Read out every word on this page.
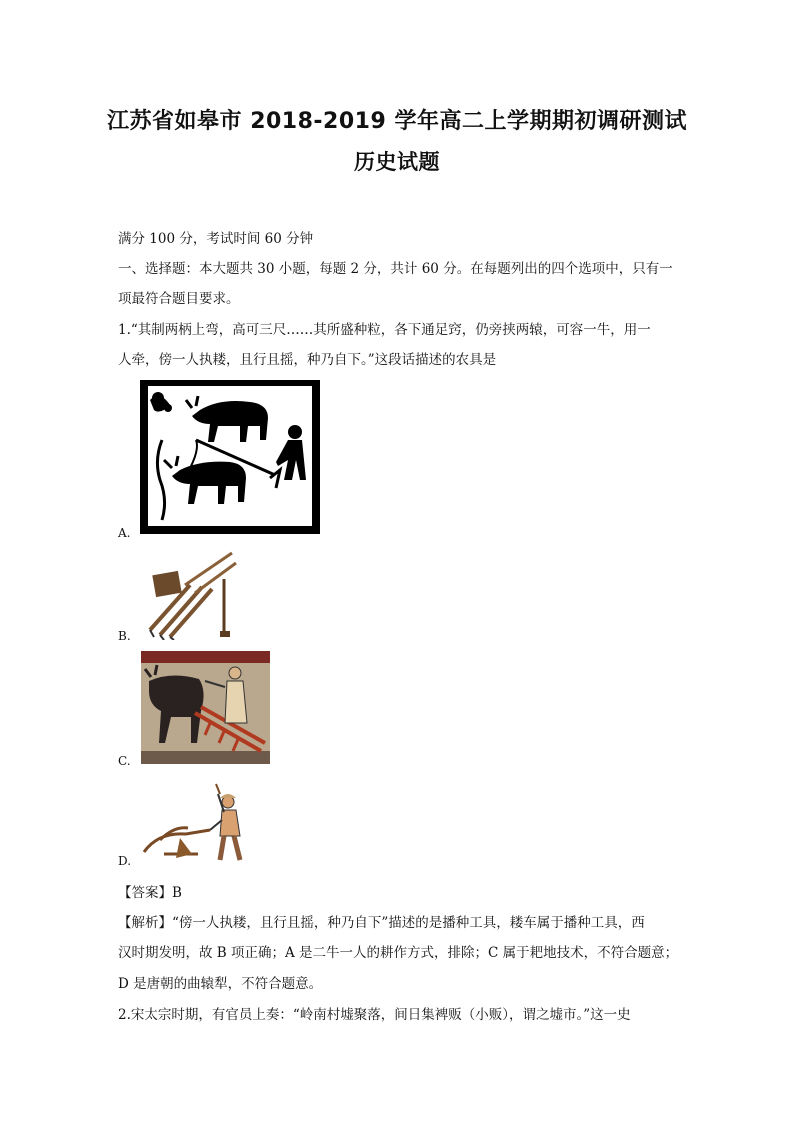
江苏省如皋市 2018-2019 学年高二上学期期初调研测试
历史试题
满分 100 分，考试时间 60 分钟
一、选择题：本大题共 30 小题，每题 2 分，共计 60 分。在每题列出的四个选项中，只有一
项最符合题目要求。
1.“其制两柄上弯，高可三尺……其所盛种粒，各下通足窍，仍旁挟两辕，可容一牛，用一
人牵，傍一人执耧，且行且摇，种乃自下。”这段话描述的农具是
A.
B.
C.
D.
【答案】B
【解析】“傍一人执耧，且行且摇，种乃自下”描述的是播种工具，耧车属于播种工具，西
汉时期发明，故 B 项正确；A 是二牛一人的耕作方式，排除；C 属于耙地技术，不符合题意；
D 是唐朝的曲辕犁，不符合题意。
2.宋太宗时期，有官员上奏：“岭南村墟聚落，间日集裨贩（小贩），谓之墟市。”这一史
